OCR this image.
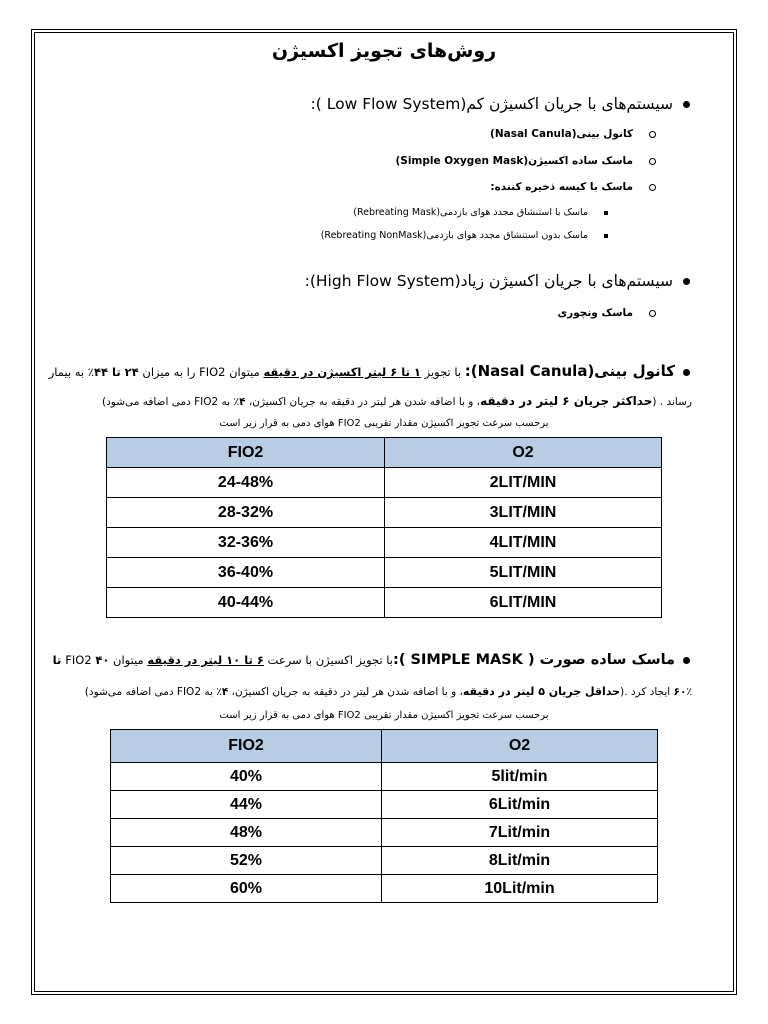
روش‌های تجویز اکسیژن
سیستم‌های با جریان اکسیژن کم(Low Flow System ):
کانول بینی(Nasal Canula)
ماسک ساده اکسیژن(Simple Oxygen Mask)
ماسک با کیسه ذخیره کننده:
ماسک با استنشاق مجدد هوای بازدمی(Rebreating Mask)
ماسک بدون استنشاق مجدد هوای بازدمی(Rebreating NonMask)
سیستم‌های با جریان اکسیژن زیاد(High Flow System):
ماسک ونچوری
کانول بینی(Nasal Canula): با تجویز ۱ تا ۶ لیتر اکسیژن در دقیقه میتوان FIO2 را به میزان ۲۴ تا ۴۴٪ به بیمار
رساند . (حداکثر جریان ۶ لیتر در دقیقه، و با اضافه شدن هر لیتر در دقیقه به جریان اکسیژن، ۴٪ به FIO2 دمی اضافه می‌شود)
برحسب سرعت تجویز اکسیژن مقدار تقریبی FIO2 هوای دمی به قرار زیر است
FIO2	O2
24-48%	2LIT/MIN
28-32%	3LIT/MIN
32-36%	4LIT/MIN
36-40%	5LIT/MIN
40-44%	6LIT/MIN
ماسک ساده صورت ( SIMPLE MASK ):با تجویز اکسیژن با سرعت ۶ تا ۱۰ لیتر در دقیقه میتوان FIO2 ۴۰ تا
۶۰٪ ایجاد کرد .(حداقل جریان ۵ لیتر در دقیقه، و با اضافه شدن هر لیتر در دقیقه به جریان اکسیژن، ۴٪ به FIO2 دمی اضافه می‌شود)
برحسب سرعت تجویز اکسیژن مقدار تقریبی FIO2 هوای دمی به قرار زیر است
FIO2	O2
40%	5lit/min
44%	6Lit/min
48%	7Lit/min
52%	8Lit/min
60%	10Lit/min
